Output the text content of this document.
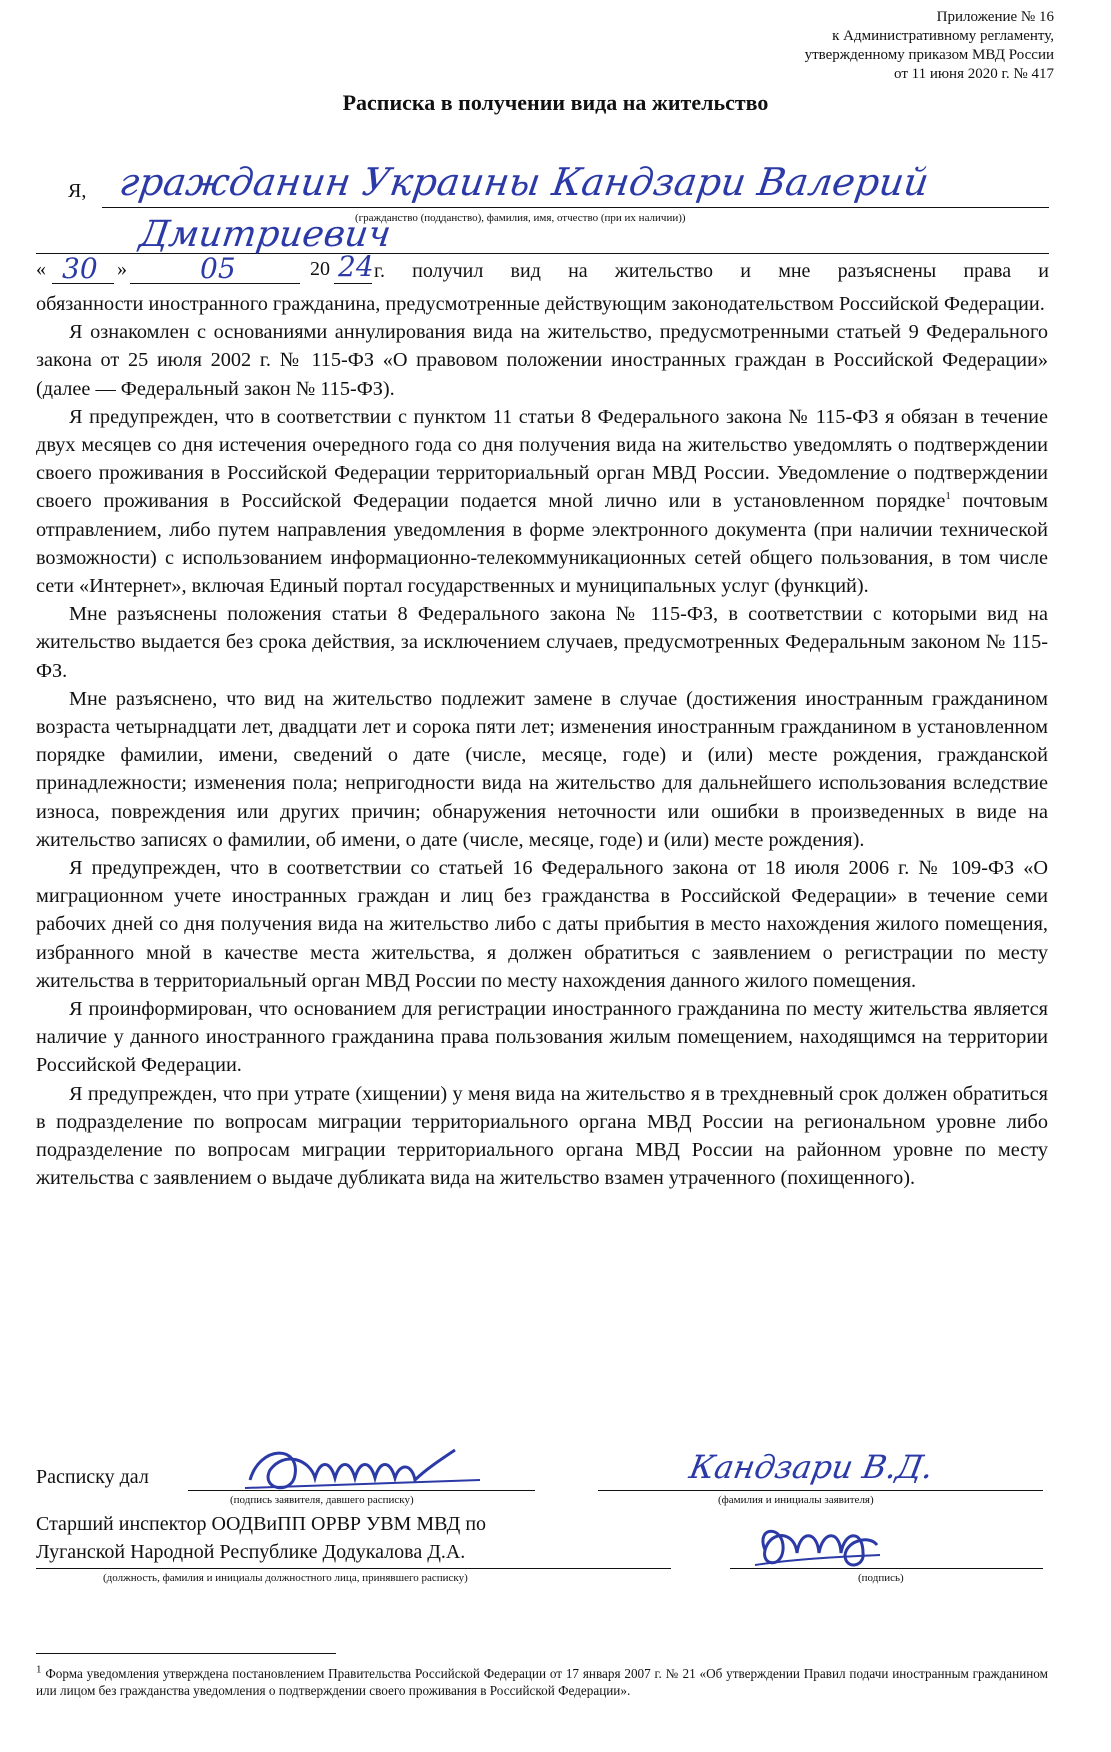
Приложение № 16
к Административному регламенту,
утвержденному приказом МВД России
от 11 июня 2020 г. № 417
Расписка в получении вида на жительство
Я, гражданин Украины Кандзари Валерий
(гражданство (подданство), фамилия, имя, отчество (при их наличии))
Дмитриевич
« 30 »	05	20 24 г. получил вид на жительство и мне разъяснены права и

обязанности иностранного гражданина, предусмотренные действующим законодательством Российской Федерации.

Я ознакомлен с основаниями аннулирования вида на жительство, предусмотренными статьей 9 Федерального закона от 25 июля 2002 г. № 115-ФЗ «О правовом положении иностранных граждан в Российской Федерации» (далее — Федеральный закон № 115-ФЗ).

Я предупрежден, что в соответствии с пунктом 11 статьи 8 Федерального закона № 115-ФЗ я обязан в течение двух месяцев со дня истечения очередного года со дня получения вида на жительство уведомлять о подтверждении своего проживания в Российской Федерации территориальный орган МВД России. Уведомление о подтверждении своего проживания в Российской Федерации подается мной лично или в установленном порядке$^1$ почтовым отправлением, либо путем направления уведомления в форме электронного документа (при наличии технической возможности) с использованием информационно-телекоммуникационных сетей общего пользования, в том числе сети «Интернет», включая Единый портал государственных и муниципальных услуг (функций).

Мне разъяснены положения статьи 8 Федерального закона № 115-ФЗ, в соответствии с которыми вид на жительство выдается без срока действия, за исключением случаев, предусмотренных Федеральным законом № 115-ФЗ.

Мне разъяснено, что вид на жительство подлежит замене в случае (достижения иностранным гражданином возраста четырнадцати лет, двадцати лет и сорока пяти лет; изменения иностранным гражданином в установленном порядке фамилии, имени, сведений о дате (числе, месяце, годе) и (или) месте рождения, гражданской принадлежности; изменения пола; непригодности вида на жительство для дальнейшего использования вследствие износа, повреждения или других причин; обнаружения неточности или ошибки в произведенных в виде на жительство записях о фамилии, об имени, о дате (числе, месяце, годе) и (или) месте рождения).

Я предупрежден, что в соответствии со статьей 16 Федерального закона от 18 июля 2006 г. № 109-ФЗ «О миграционном учете иностранных граждан и лиц без гражданства в Российской Федерации» в течение семи рабочих дней со дня получения вида на жительство либо с даты прибытия в место нахождения жилого помещения, избранного мной в качестве места жительства, я должен обратиться с заявлением о регистрации по месту жительства в территориальный орган МВД России по месту нахождения данного жилого помещения.

Я проинформирован, что основанием для регистрации иностранного гражданина по месту жительства является наличие у данного иностранного гражданина права пользования жилым помещением, находящимся на территории Российской Федерации.

Я предупрежден, что при утрате (хищении) у меня вида на жительство я в трехдневный срок должен обратиться в подразделение по вопросам миграции территориального органа МВД России на региональном уровне либо подразделение по вопросам миграции территориального органа МВД России на районном уровне по месту жительства с заявлением о выдаче дубликата вида на жительство взамен утраченного (похищенного).

Расписку дал
(подпись заявителя, давшего расписку)
Кандзари В.Д.
(фамилия и инициалы заявителя)
Старший инспектор ООДВиПП ОРВР УВМ МВД по
Луганской Народной Республике Додукалова Д.А.
(должность, фамилия и инициалы должностного лица, принявшего расписку)	(подпись)
$^1$ Форма уведомления утверждена постановлением Правительства Российской Федерации от 17 января 2007 г. № 21 «Об утверждении Правил подачи иностранным гражданином или лицом без гражданства уведомления о подтверждении своего проживания в Российской Федерации».
